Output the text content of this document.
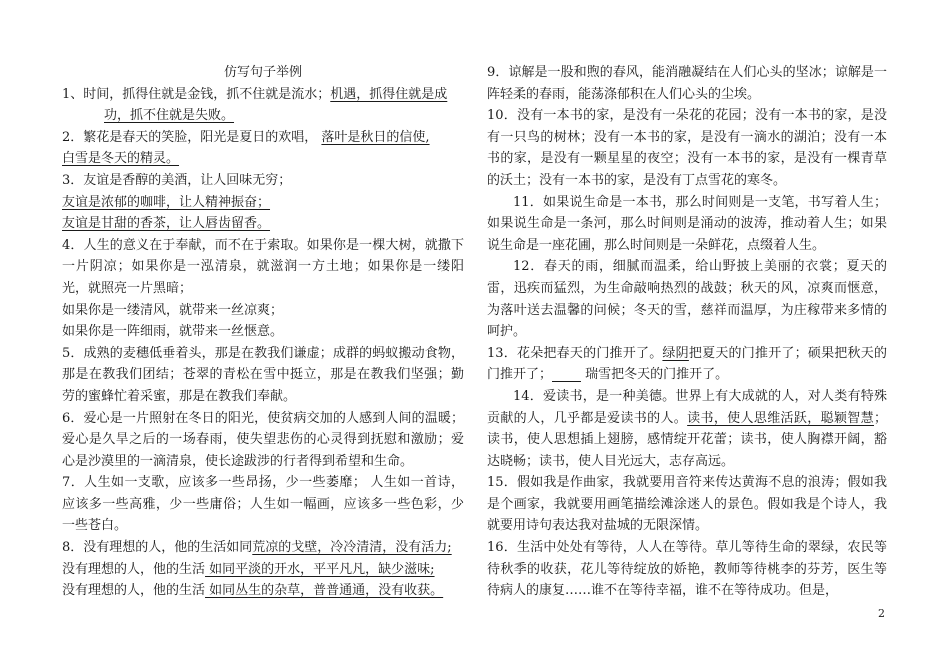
仿写句子举例
1、时间，抓得住就是金钱，抓不住就是流水；机遇，抓得住就是成
功，抓不住就是失败。
2．繁花是春天的笑脸，阳光是夏日的欢唱， 落叶是秋日的信使,
白雪是冬天的精灵。
3．友谊是香醇的美酒，让人回味无穷；
友谊是浓郁的咖啡，让人精神振奋；
友谊是甘甜的香茶，让人唇齿留香。
4．人生的意义在于奉献，而不在于索取。如果你是一棵大树，就撒下一片阴凉；如果你是一泓清泉，就滋润一方土地；如果你是一缕阳光，就照亮一片黑暗；
如果你是一缕清风，就带来一丝凉爽；
如果你是一阵细雨，就带来一丝惬意。
5．成熟的麦穗低垂着头，那是在教我们谦虚；成群的蚂蚁搬动食物，那是在教我们团结；苍翠的青松在雪中挺立，那是在教我们坚强；勤劳的蜜蜂忙着采蜜，那是在教我们奉献。
6．爱心是一片照射在冬日的阳光，使贫病交加的人感到人间的温暖；爱心是久旱之后的一场春雨，使失望悲伤的心灵得到抚慰和激励；爱心是沙漠里的一滴清泉，使长途跋涉的行者得到希望和生命。
7．人生如一支歌，应该多一些昂扬，少一些萎靡； 人生如一首诗，应该多一些高雅，少一些庸俗；人生如一幅画，应该多一些色彩，少一些苍白。
8．没有理想的人，他的生活如同荒凉的戈壁，冷冷清清，没有活力;
没有理想的人，他的生活 如同平淡的开水，平平凡凡，缺少滋味;
没有理想的人，他的生活 如同丛生的杂草，普普通通，没有收获。
9．谅解是一股和煦的春风，能消融凝结在人们心头的坚冰；谅解是一阵轻柔的春雨，能荡涤郁积在人们心头的尘埃。
10．没有一本书的家，是没有一朵花的花园；没有一本书的家，是没有一只鸟的树林；没有一本书的家，是没有一滴水的湖泊；没有一本书的家，是没有一颗星星的夜空；没有一本书的家，是没有一棵青草的沃土；没有一本书的家，是没有丁点雪花的寒冬。
11．如果说生命是一本书，那么时间则是一支笔，书写着人生；如果说生命是一条河，那么时间则是涌动的波涛，推动着人生；如果说生命是一座花圃，那么时间则是一朵鲜花，点缀着人生。
12．春天的雨，细腻而温柔，给山野披上美丽的衣裳；夏天的雷，迅疾而猛烈，为生命敲响热烈的战鼓；秋天的风，凉爽而惬意，为落叶送去温馨的问候；冬天的雪，慈祥而温厚，为庄稼带来多情的呵护。
13．花朵把春天的门推开了。绿阴把夏天的门推开了；硕果把秋天的门推开了；        瑞雪把冬天的门推开了。
14．爱读书，是一种美德。世界上有大成就的人，对人类有特殊贡献的人，几乎都是爱读书的人。读书，使人思维活跃，聪颖智慧；读书，使人思想插上翅膀，感情绽开花蕾；读书，使人胸襟开阔，豁达晓畅；读书，使人目光远大，志存高远。
15．假如我是作曲家，我就要用音符来传达黄海不息的浪涛；假如我是个画家，我就要用画笔描绘滩涂迷人的景色。假如我是个诗人，我就要用诗句表达我对盐城的无限深情。
16．生活中处处有等待，人人在等待。草儿等待生命的翠绿，农民等待秋季的收获，花儿等待绽放的娇艳，教师等待桃李的芬芳，医生等待病人的康复……谁不在等待幸福，谁不在等待成功。但是，
2
